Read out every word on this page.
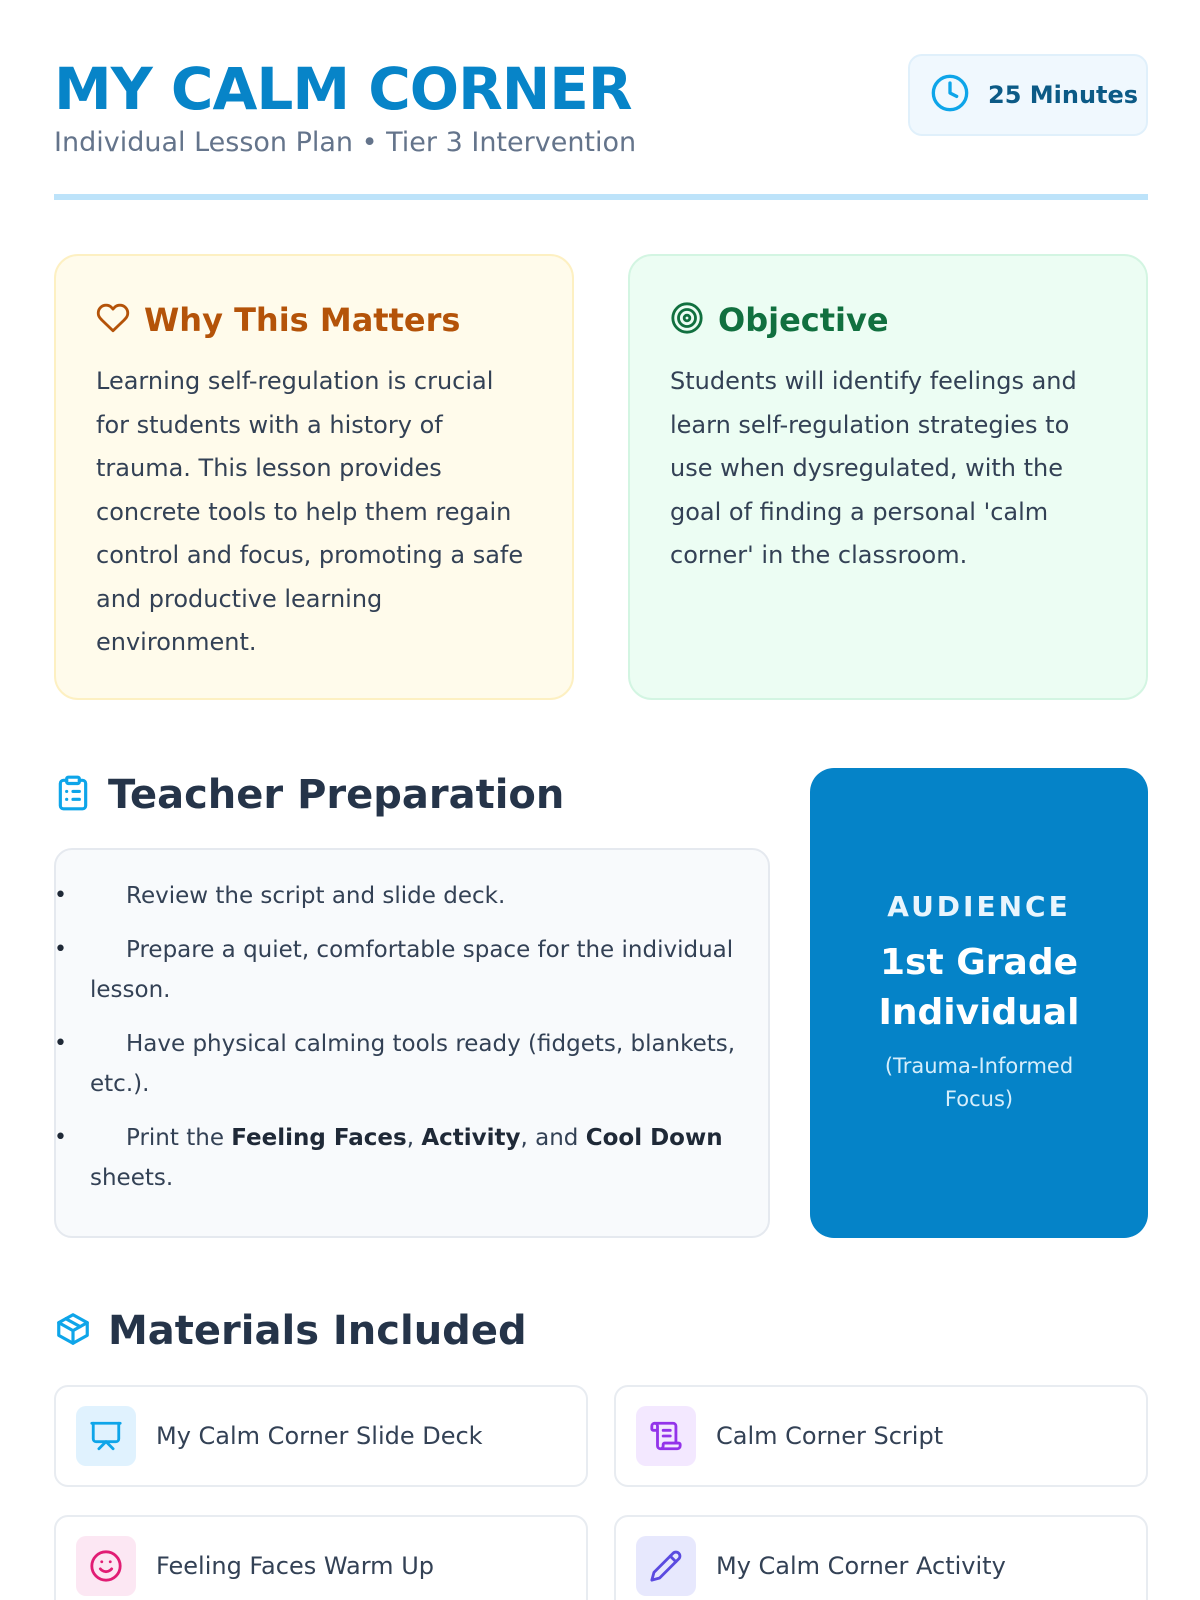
MY CALM CORNER
Individual Lesson Plan • Tier 3 Intervention
25 Minutes
Why This Matters

Learning self-regulation is crucial for students with a history of trauma. This lesson provides concrete tools to help them regain control and focus, promoting a safe and productive learning environment.

Objective

Students will identify feelings and learn self-regulation strategies to use when dysregulated, with the goal of finding a personal 'calm corner' in the classroom.

Teacher Preparation
• Review the script and slide deck.
• Prepare a quiet, comfortable space for the individual lesson.
• Have physical calming tools ready (fidgets, blankets, etc.).
• Print the Feeling Faces, Activity, and Cool Down sheets.
AUDIENCE
1st Grade Individual
(Trauma-Informed Focus)
Materials Included
My Calm Corner Slide Deck	Calm Corner Script
Feeling Faces Warm Up	My Calm Corner Activity
